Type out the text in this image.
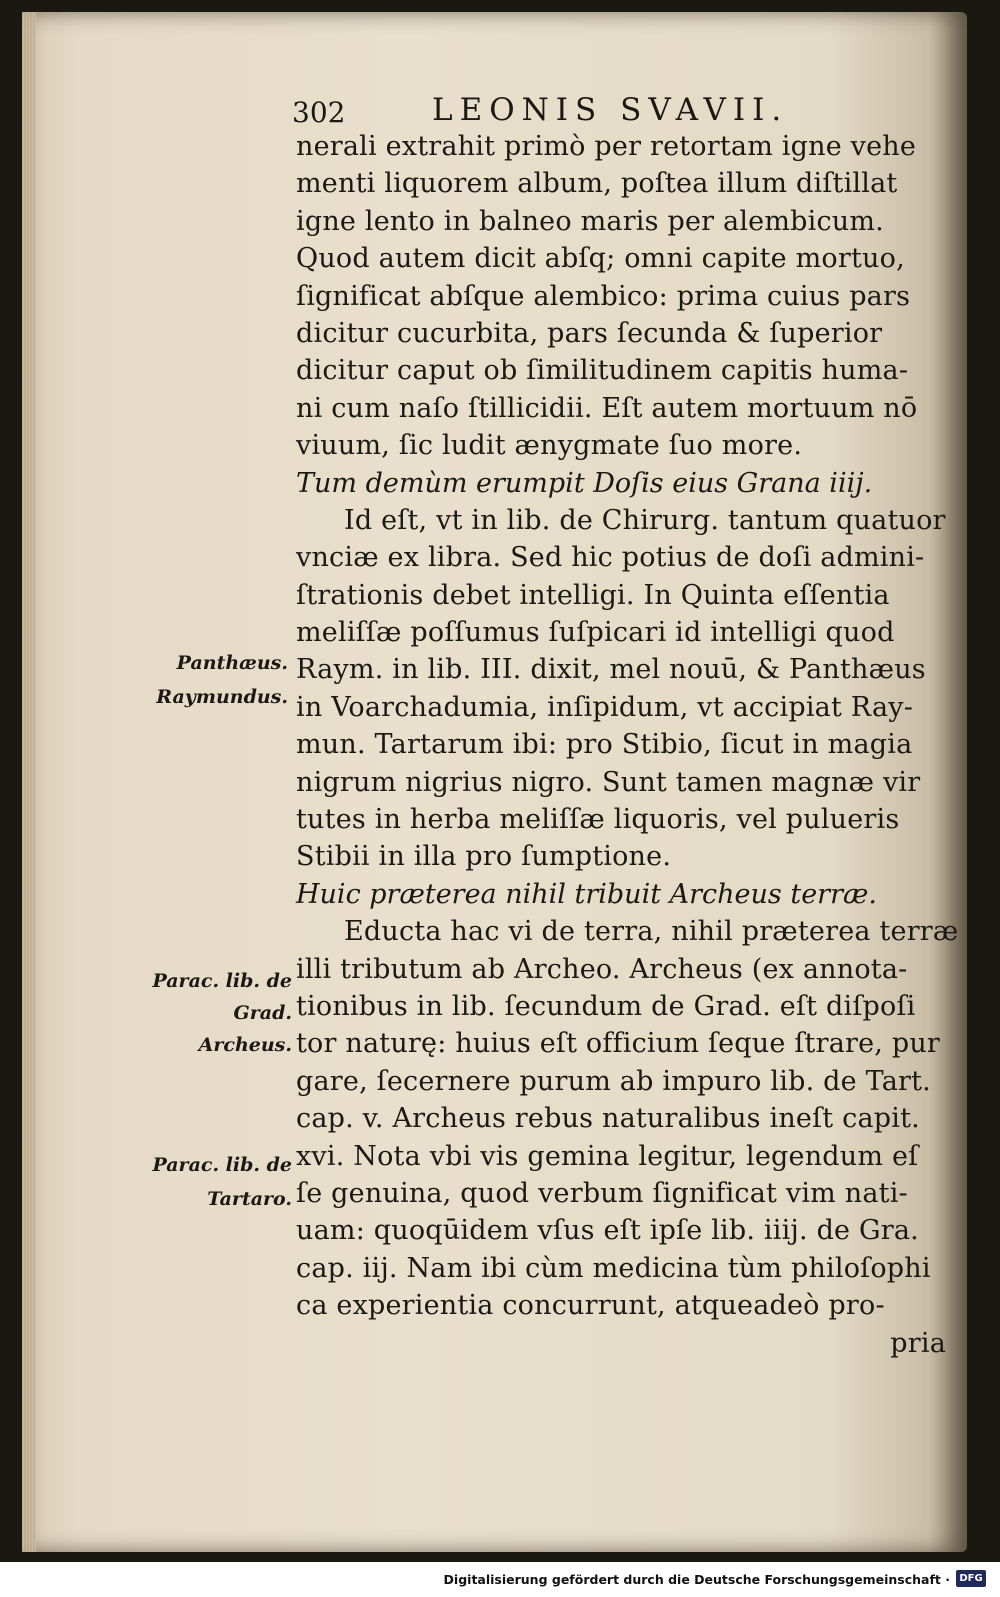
302	LEONIS SVAVII.
nerali extrahit primò per retortam igne vehe
menti liquorem album, poſtea illum diſtillat
igne lento in balneo maris per alembicum.
Quod autem dicit abſq; omni capite mortuo,
ſignificat abſque alembico: prima cuius pars
dicitur cucurbita, pars ſecunda & ſuperior
dicitur caput ob ſimilitudinem capitis huma-
ni cum naſo ſtillicidii. Eſt autem mortuum nō
viuum, ſic ludit ænygmate ſuo more.
Tum demùm erumpit Doſis eius Grana iiij.
Id eſt, vt in lib. de Chirurg. tantum quatuor
vnciæ ex libra. Sed hic potius de doſi admini-
ſtrationis debet intelligi. In Quinta eſſentia
meliſſæ poſſumus ſuſpicari id intelligi quod
Raym. in lib. III. dixit, mel nouū, & Panthæus
in Voarchadumia, inſipidum, vt accipiat Ray-
mun. Tartarum ibi: pro Stibio, ſicut in magia
nigrum nigrius nigro. Sunt tamen magnæ vir
tutes in herba meliſſæ liquoris, vel pulueris
Stibii in illa pro ſumptione.
Huic præterea nihil tribuit Archeus terræ.
Educta hac vi de terra, nihil præterea terræ
illi tributum ab Archeo. Archeus (ex annota-
tionibus in lib. ſecundum de Grad. eſt diſpoſi
tor naturę: huius eſt officium ſeque ſtrare, pur
gare, ſecernere purum ab impuro lib. de Tart.
cap. v. Archeus rebus naturalibus ineſt capit.
xvi. Nota vbi vis gemina legitur, legendum eſ
ſe genuina, quod verbum ſignificat vim nati-
uam: quoqūidem vſus eſt ipſe lib. iiij. de Gra.
cap. iij. Nam ibi cùm medicina tùm philoſophi
ca experientia concurrunt, atqueadeò pro-
pria
Panthæus.
Raymundus.
Parac. lib. de
Grad.
Archeus.
Parac. lib. de
Tartaro.
Digitalisierung gefördert durch die Deutsche Forschungsgemeinschaft · DFG
